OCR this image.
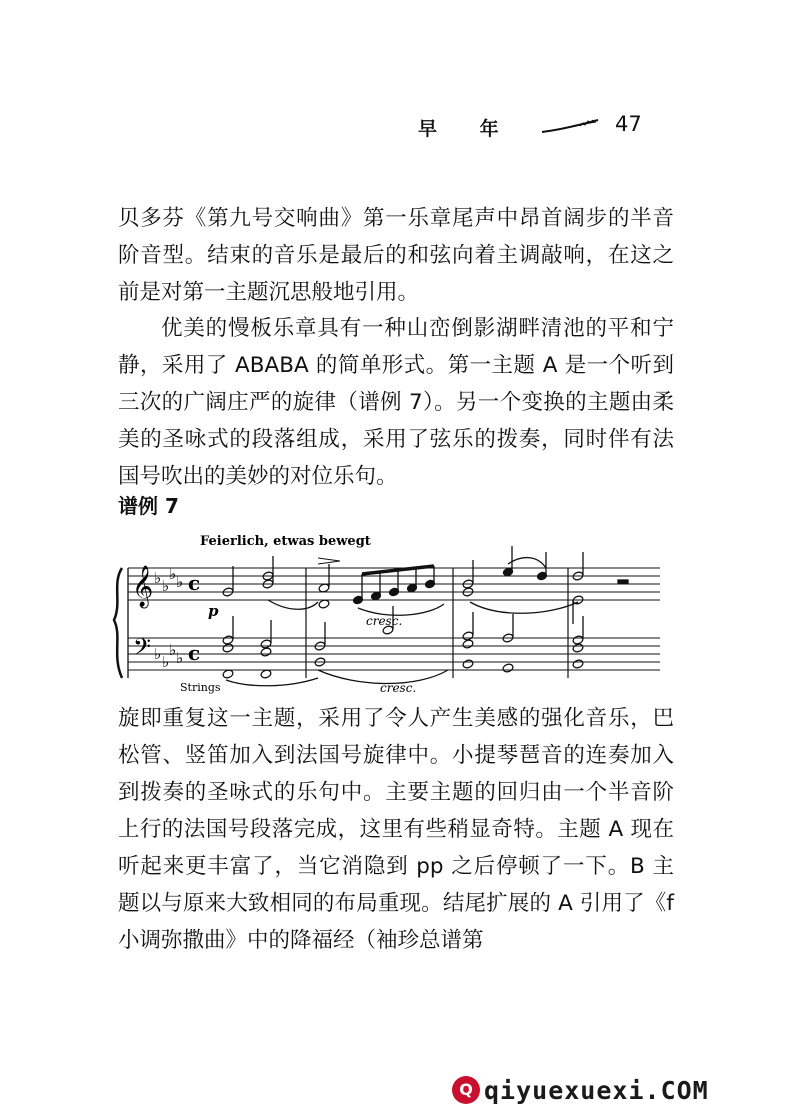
早 年	47
贝多芬《第九号交响曲》第一乐章尾声中昂首阔步的半音阶音型。结束的音乐是最后的和弦向着主调敲响，在这之前是对第一主题沉思般地引用。
优美的慢板乐章具有一种山峦倒影湖畔清池的平和宁静，采用了 ABABA 的简单形式。第一主题 A 是一个听到三次的广阔庄严的旋律（谱例 7）。另一个变换的主题由柔美的圣咏式的段落组成，采用了弦乐的拨奏，同时伴有法国号吹出的美妙的对位乐句。
谱例 7
Feierlich, etwas bewegt
𝄞
𝄢
♭ ♭
♭ ♭
♭ ♭
♭ ♭
c
c
p
cresc.
cresc.
Strings
旋即重复这一主题，采用了令人产生美感的强化音乐，巴松管、竖笛加入到法国号旋律中。小提琴琶音的连奏加入到拨奏的圣咏式的乐句中。主要主题的回归由一个半音阶上行的法国号段落完成，这里有些稍显奇特。主题 A 现在听起来更丰富了，当它消隐到 pp 之后停顿了一下。B 主题以与原来大致相同的布局重现。结尾扩展的 A 引用了《f 小调弥撒曲》中的降福经（袖珍总谱第
Q qiyuexuexi.COM
